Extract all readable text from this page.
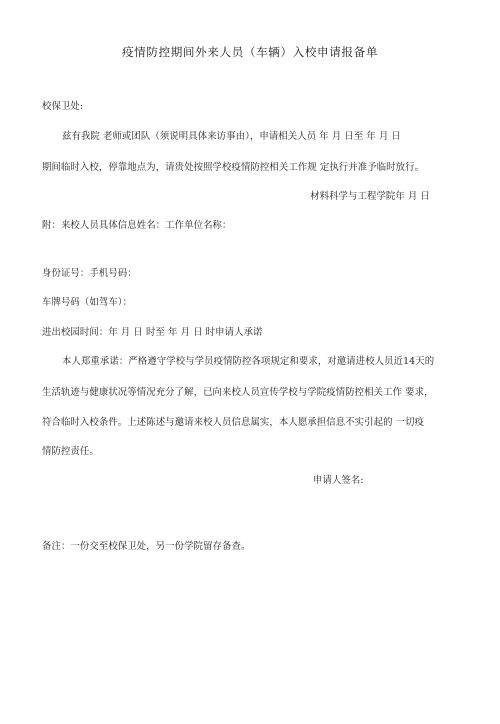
疫情防控期间外来人员（车辆）入校申请报备单
校保卫处:
兹有我院 老师或团队（须说明具体来访事由），申请相关人员 年 月 日至 年 月 日
期间临时入校，停靠地点为，请贵处按照学校疫情防控相关工作规 定执行并准予临时放行。
材料科学与工程学院年 月 日
附：来校人员具体信息姓名：工作单位名称：
身份证号：手机号码：
车牌号码（如驾车）：
进出校园时间：年 月 日 时至 年 月 日 时申请人承诺
本人郑重承诺：严格遵守学校与学员疫情防控各项规定和要求，对邀请进校人员近14天的
生活轨迹与健康状况等情况充分了解，已向来校人员宣传学校与学院疫情防控相关工作 要求，
符合临时入校条件。上述陈述与邀请来校人员信息属实，本人愿承担信息不实引起的 一切疫
情防控责任。
申请人签名:
备注：一份交至校保卫处，另一份学院留存备查。
